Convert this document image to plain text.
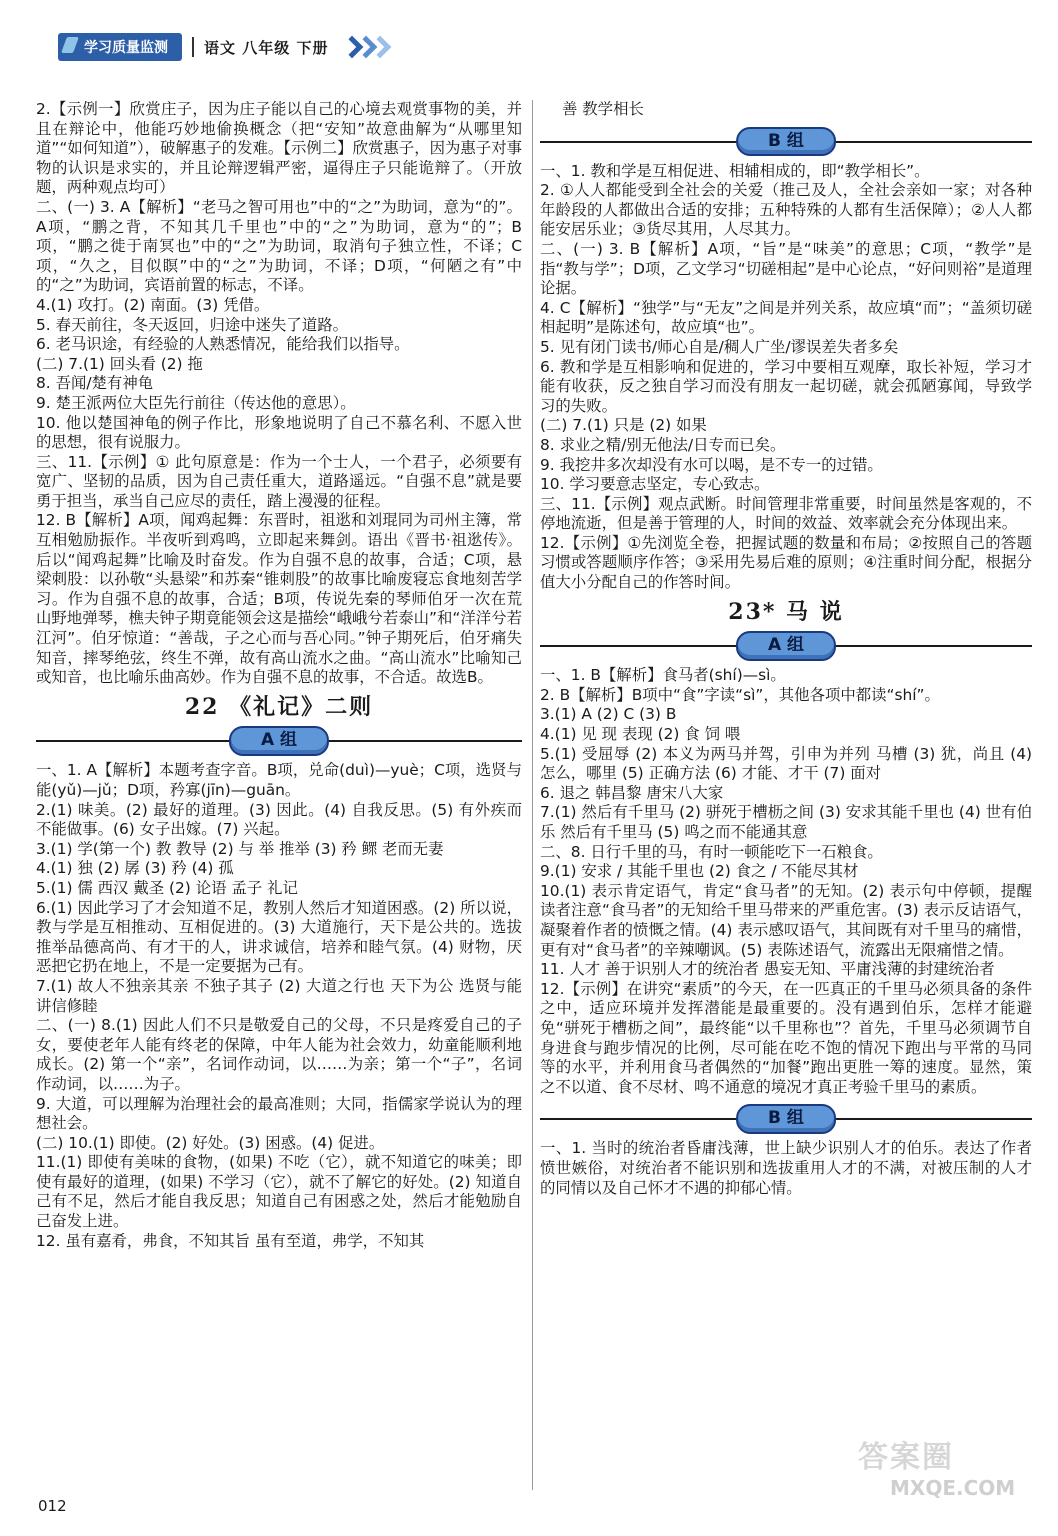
学习质量监测	语文 八年级 下册

2.【示例一】欣赏庄子，因为庄子能以自己的心境去观赏事物的美，并且在辩论中，他能巧妙地偷换概念（把“安知”故意曲解为“从哪里知道”“如何知道”），破解惠子的发难。【示例二】欣赏惠子，因为惠子对事物的认识是求实的，并且论辩逻辑严密，逼得庄子只能诡辩了。（开放题，两种观点均可）

二、(一) 3. A【解析】“老马之智可用也”中的“之”为助词，意为“的”。A项，“鹏之背，不知其几千里也”中的“之”为助词，意为“的”；B项，“鹏之徙于南冥也”中的“之”为助词，取消句子独立性，不译；C项，“久之，目似瞑”中的“之”为助词，不译；D项，“何陋之有”中的“之”为助词，宾语前置的标志，不译。

4.(1) 攻打。(2) 南面。(3) 凭借。

5. 春天前往，冬天返回，归途中迷失了道路。

6. 老马识途，有经验的人熟悉情况，能给我们以指导。

(二) 7.(1) 回头看 (2) 拖

8. 吾闻/楚有神龟

9. 楚王派两位大臣先行前往（传达他的意思）。

10. 他以楚国神龟的例子作比，形象地说明了自己不慕名利、不愿入世的思想，很有说服力。

三、11.【示例】① 此句原意是：作为一个士人，一个君子，必须要有宽广、坚韧的品质，因为自己责任重大，道路遥远。“自强不息”就是要勇于担当，承当自己应尽的责任，踏上漫漫的征程。

12. B【解析】A项，闻鸡起舞：东晋时，祖逖和刘琨同为司州主簿，常互相勉励振作。半夜听到鸡鸣，立即起来舞剑。语出《晋书·祖逖传》。后以“闻鸡起舞”比喻及时奋发。作为自强不息的故事，合适；C项，悬梁刺股：以孙敬“头悬梁”和苏秦“锥刺股”的故事比喻废寝忘食地刻苦学习。作为自强不息的故事，合适；B项，传说先秦的琴师伯牙一次在荒山野地弹琴，樵夫钟子期竟能领会这是描绘“峨峨兮若泰山”和“洋洋兮若江河”。伯牙惊道：“善哉，子之心而与吾心同。”钟子期死后，伯牙痛失知音，摔琴绝弦，终生不弹，故有高山流水之曲。“高山流水”比喻知己或知音，也比喻乐曲高妙。作为自强不息的故事，不合适。故选B。

22 《礼记》二则
A 组

一、1. A【解析】本题考查字音。B项，兑命(duì)—yuè；C项，选贤与能(yǔ)—jǔ；D项，矜寡(jīn)—guān。

2.(1) 味美。(2) 最好的道理。(3) 因此。(4) 自我反思。(5) 有外疾而不能做事。(6) 女子出嫁。(7) 兴起。

3.(1) 学(第一个) 教 教导 (2) 与 举 推举 (3) 矜 鳏 老而无妻

4.(1) 独 (2) 孱 (3) 矜 (4) 孤

5.(1) 儒 西汉 戴圣 (2) 论语 孟子 礼记

6.(1) 因此学习了才会知道不足，教别人然后才知道困惑。(2) 所以说，教与学是互相推动、互相促进的。(3) 大道施行，天下是公共的。选拔推举品德高尚、有才干的人，讲求诚信，培养和睦气氛。(4) 财物，厌恶把它扔在地上，不是一定要据为己有。

7.(1) 故人不独亲其亲 不独子其子 (2) 大道之行也 天下为公 选贤与能 讲信修睦

二、(一) 8.(1) 因此人们不只是敬爱自己的父母，不只是疼爱自己的子女，要使老年人能有终老的保障，中年人能为社会效力，幼童能顺利地成长。(2) 第一个“亲”，名词作动词，以……为亲；第一个“子”，名词作动词，以……为子。

9. 大道，可以理解为治理社会的最高准则；大同，指儒家学说认为的理想社会。

(二) 10.(1) 即使。(2) 好处。(3) 困惑。(4) 促进。

11.(1) 即使有美味的食物，(如果) 不吃（它），就不知道它的味美；即使有最好的道理，(如果) 不学习（它），就不了解它的好处。(2) 知道自己有不足，然后才能自我反思；知道自己有困惑之处，然后才能勉励自己奋发上进。

12. 虽有嘉肴，弗食，不知其旨 虽有至道，弗学，不知其

善 教学相长

B 组

一、1. 教和学是互相促进、相辅相成的，即“教学相长”。

2. ①人人都能受到全社会的关爱（推己及人，全社会亲如一家；对各种年龄段的人都做出合适的安排；五种特殊的人都有生活保障）；②人人都能安居乐业；③货尽其用，人尽其力。

二、(一) 3. B【解析】A项，“旨”是“味美”的意思；C项，“教学”是指“教与学”；D项，乙文学习“切磋相起”是中心论点，“好问则裕”是道理论据。

4. C【解析】“独学”与“无友”之间是并列关系，故应填“而”；“盖须切磋相起明”是陈述句，故应填“也”。

5. 见有闭门读书/师心自是/稠人广坐/谬误差失者多矣

6. 教和学是互相影响和促进的，学习中要相互观摩，取长补短，学习才能有收获，反之独自学习而没有朋友一起切磋，就会孤陋寡闻，导致学习的失败。

(二) 7.(1) 只是 (2) 如果

8. 求业之精/别无他法/日专而已矣。

9. 我挖井多次却没有水可以喝，是不专一的过错。

10. 学习要意志坚定，专心致志。

三、11.【示例】观点武断。时间管理非常重要，时间虽然是客观的，不停地流逝，但是善于管理的人，时间的效益、效率就会充分体现出来。

12.【示例】①先浏览全卷，把握试题的数量和布局；②按照自己的答题习惯或答题顺序作答；③采用先易后难的原则；④注重时间分配，根据分值大小分配自己的作答时间。

23* 马 说
A 组

一、1. B【解析】食马者(shí)—sì。

2. B【解析】B项中“食”字读“sì”，其他各项中都读“shí”。

3.(1) A (2) C (3) B

4.(1) 见 现 表现 (2) 食 饲 喂

5.(1) 受屈辱 (2) 本义为两马并驾，引申为并列 马槽 (3) 犹，尚且 (4) 怎么，哪里 (5) 正确方法 (6) 才能、才干 (7) 面对

6. 退之 韩昌黎 唐宋八大家

7.(1) 然后有千里马 (2) 骈死于槽枥之间 (3) 安求其能千里也 (4) 世有伯乐 然后有千里马 (5) 鸣之而不能通其意

二、8. 日行千里的马，有时一顿能吃下一石粮食。

9.(1) 安求 / 其能千里也 (2) 食之 / 不能尽其材

10.(1) 表示肯定语气，肯定“食马者”的无知。(2) 表示句中停顿，提醒读者注意“食马者”的无知给千里马带来的严重危害。(3) 表示反诘语气，凝聚着作者的愤慨之情。(4) 表示感叹语气，其间既有对千里马的痛惜，更有对“食马者”的辛辣嘲讽。(5) 表陈述语气，流露出无限痛惜之情。

11. 人才 善于识别人才的统治者 愚妄无知、平庸浅薄的封建统治者

12.【示例】在讲究“素质”的今天，在一匹真正的千里马必须具备的条件之中，适应环境并发挥潜能是最重要的。没有遇到伯乐，怎样才能避免“骈死于槽枥之间”，最终能“以千里称也”？首先，千里马必须调节自身进食与跑步情况的比例，尽可能在吃不饱的情况下跑出与平常的马同等的水平，并利用食马者偶然的“加餐”跑出更胜一筹的速度。显然，策之不以道、食不尽材、鸣不通意的境况才真正考验千里马的素质。

B 组

一、1. 当时的统治者昏庸浅薄，世上缺少识别人才的伯乐。表达了作者愤世嫉俗，对统治者不能识别和选拔重用人才的不满，对被压制的人才的同情以及自己怀才不遇的抑郁心情。

012
答案圈
MXQE.COM
